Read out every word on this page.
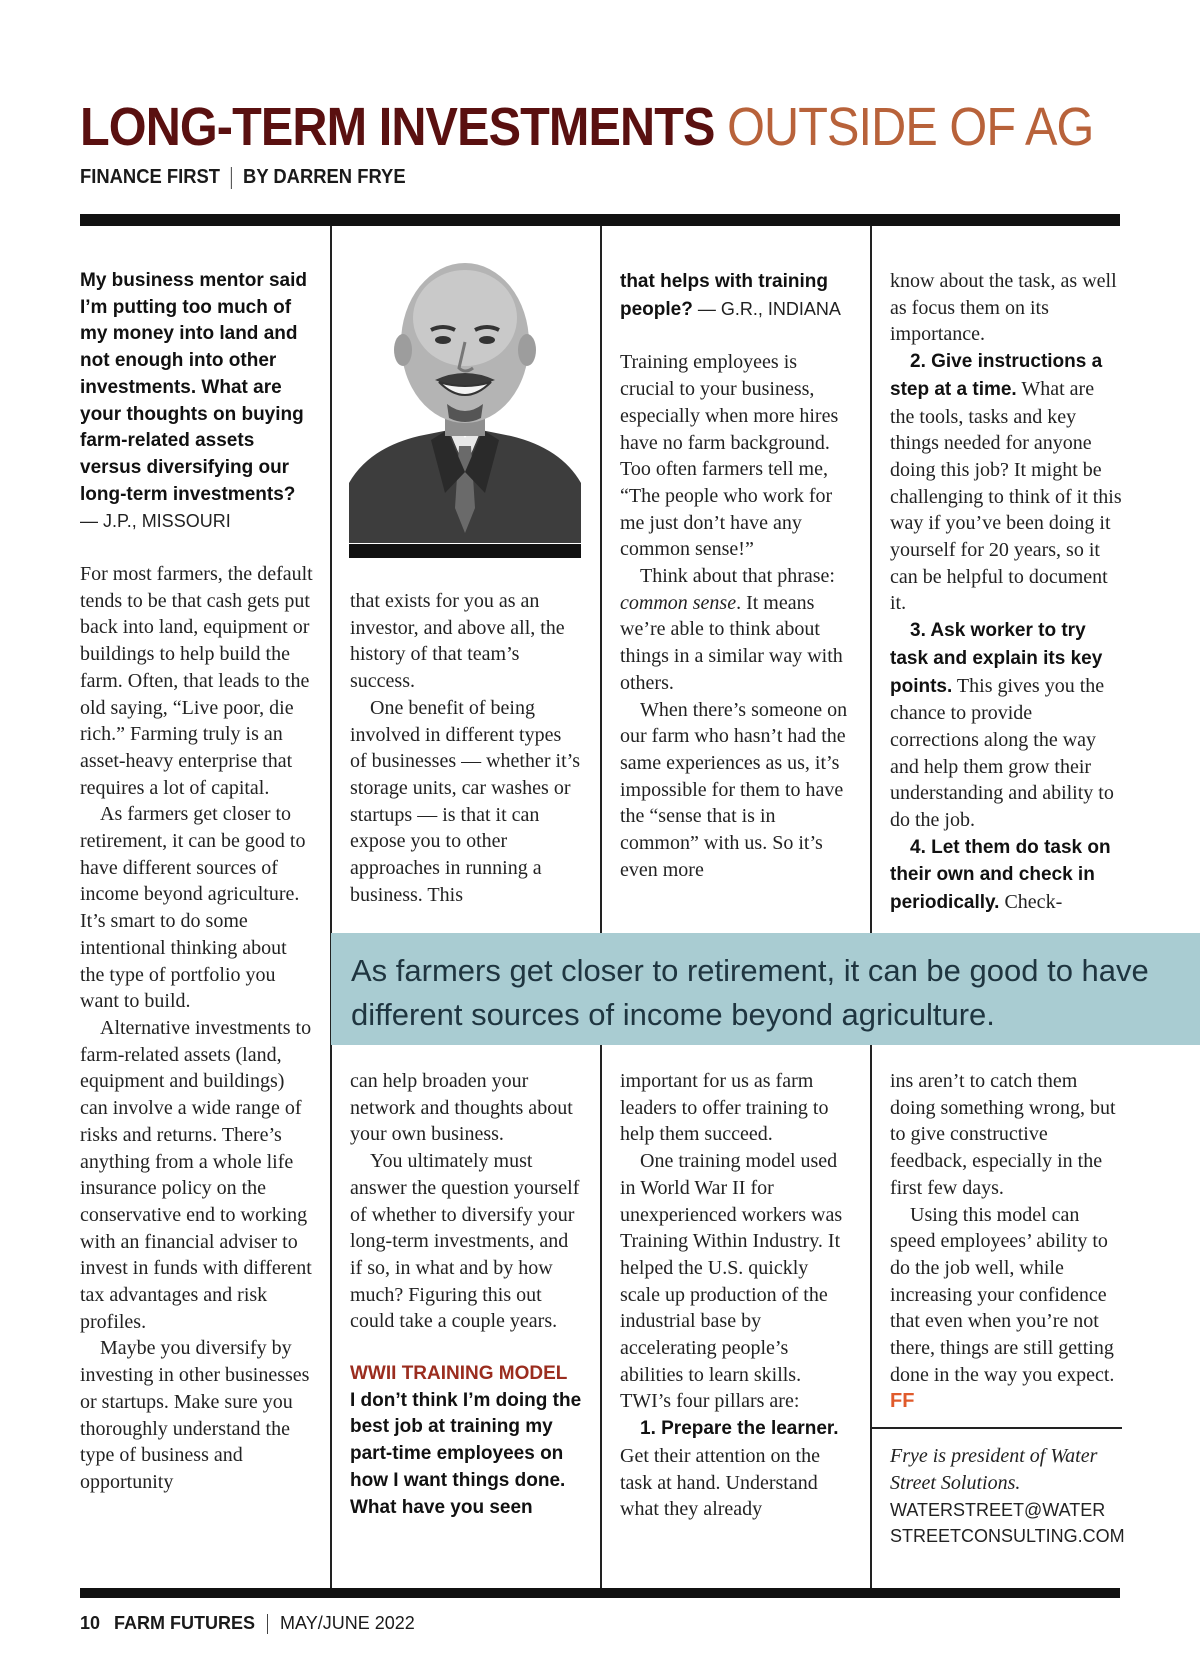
LONG-TERM INVESTMENTS OUTSIDE OF AG
FINANCE FIRST BY DARREN FRYE

My business mentor said I’m putting too much of my money into land and not enough into other investments. What are your thoughts on buying farm-related assets versus diversifying our long-term investments?

— J.P., MISSOURI

For most farmers, the default tends to be that cash gets put back into land, equipment or buildings to help build the farm. Often, that leads to the old saying, “Live poor, die rich.” Farming truly is an asset-heavy enterprise that requires a lot of capital.

As farmers get closer to retirement, it can be good to have different sources of income beyond agriculture. It’s smart to do some intentional thinking about the type of portfolio you want to build.

Alternative investments to farm-related assets (land, equipment and buildings) can involve a wide range of risks and returns. There’s anything from a whole life insurance policy on the conservative end to working with an financial adviser to invest in funds with different tax advantages and risk profiles.

Maybe you diversify by investing in other businesses or startups. Make sure you thoroughly understand the type of business and opportunity

that exists for you as an investor, and above all, the history of that team’s success.

One benefit of being involved in different types of businesses — whether it’s storage units, car washes or startups — is that it can expose you to other approaches in running a business. This

can help broaden your network and thoughts about your own business.

You ultimately must answer the question yourself of whether to diversify your long-term investments, and if so, in what and by how much? Figuring this out could take a couple years.

WWII TRAINING MODEL

I don’t think I’m doing the best job at training my part-time employees on how I want things done. What have you seen

that helps with training people? — G.R., INDIANA

Training employees is crucial to your business, especially when more hires have no farm background. Too often farmers tell me, “The people who work for me just don’t have any common sense!”

Think about that phrase: common sense. It means we’re able to think about things in a similar way with others.

When there’s someone on our farm who hasn’t had the same experiences as us, it’s impossible for them to have the “sense that is in common” with us. So it’s even more

important for us as farm leaders to offer training to help them succeed.

One training model used in World War II for unexperienced workers was Training Within Industry. It helped the U.S. quickly scale up production of the industrial base by accelerating people’s abilities to learn skills. TWI’s four pillars are:

1. Prepare the learner. Get their attention on the task at hand. Understand what they already

know about the task, as well as focus them on its importance.

2. Give instructions a step at a time. What are the tools, tasks and key things needed for anyone doing this job? It might be challenging to think of it this way if you’ve been doing it yourself for 20 years, so it can be helpful to document it.

3. Ask worker to try task and explain its key points. This gives you the chance to provide corrections along the way and help them grow their understanding and ability to do the job.

4. Let them do task on their own and check in periodically. Check-

ins aren’t to catch them doing something wrong, but to give constructive feedback, especially in the first few days.

Using this model can speed employees’ ability to do the job well, while increasing your confidence that even when you’re not there, things are still getting done in the way you expect. FF

Frye is president of Water Street Solutions.

WATERSTREET@WATER
STREETCONSULTING.COM

As farmers get closer to retirement, it can be good to have different sources of income beyond agriculture.
10 FARM FUTURES MAY/JUNE 2022
